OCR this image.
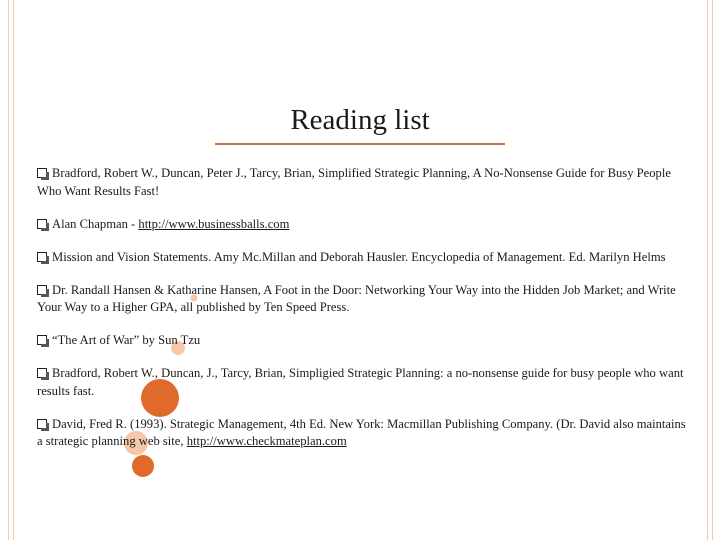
Reading list
Bradford, Robert W., Duncan, Peter J., Tarcy, Brian, Simplified Strategic Planning, A No-Nonsense Guide for Busy People Who Want Results Fast!
Alan Chapman - http://www.businessballs.com
Mission and Vision Statements. Amy Mc.Millan and Deborah Hausler. Encyclopedia of Management. Ed. Marilyn Helms
Dr. Randall Hansen & Katharine Hansen, A Foot in the Door: Networking Your Way into the Hidden Job Market; and Write Your Way to a Higher GPA, all published by Ten Speed Press.
“The Art of War” by Sun Tzu
Bradford, Robert W., Duncan, J., Tarcy, Brian, Simpligied Strategic Planning: a no-nonsense guide for busy people who want results fast.
David, Fred R. (1993). Strategic Management, 4th Ed. New York: Macmillan Publishing Company. (Dr. David also maintains a strategic planning web site, http://www.checkmateplan.com
